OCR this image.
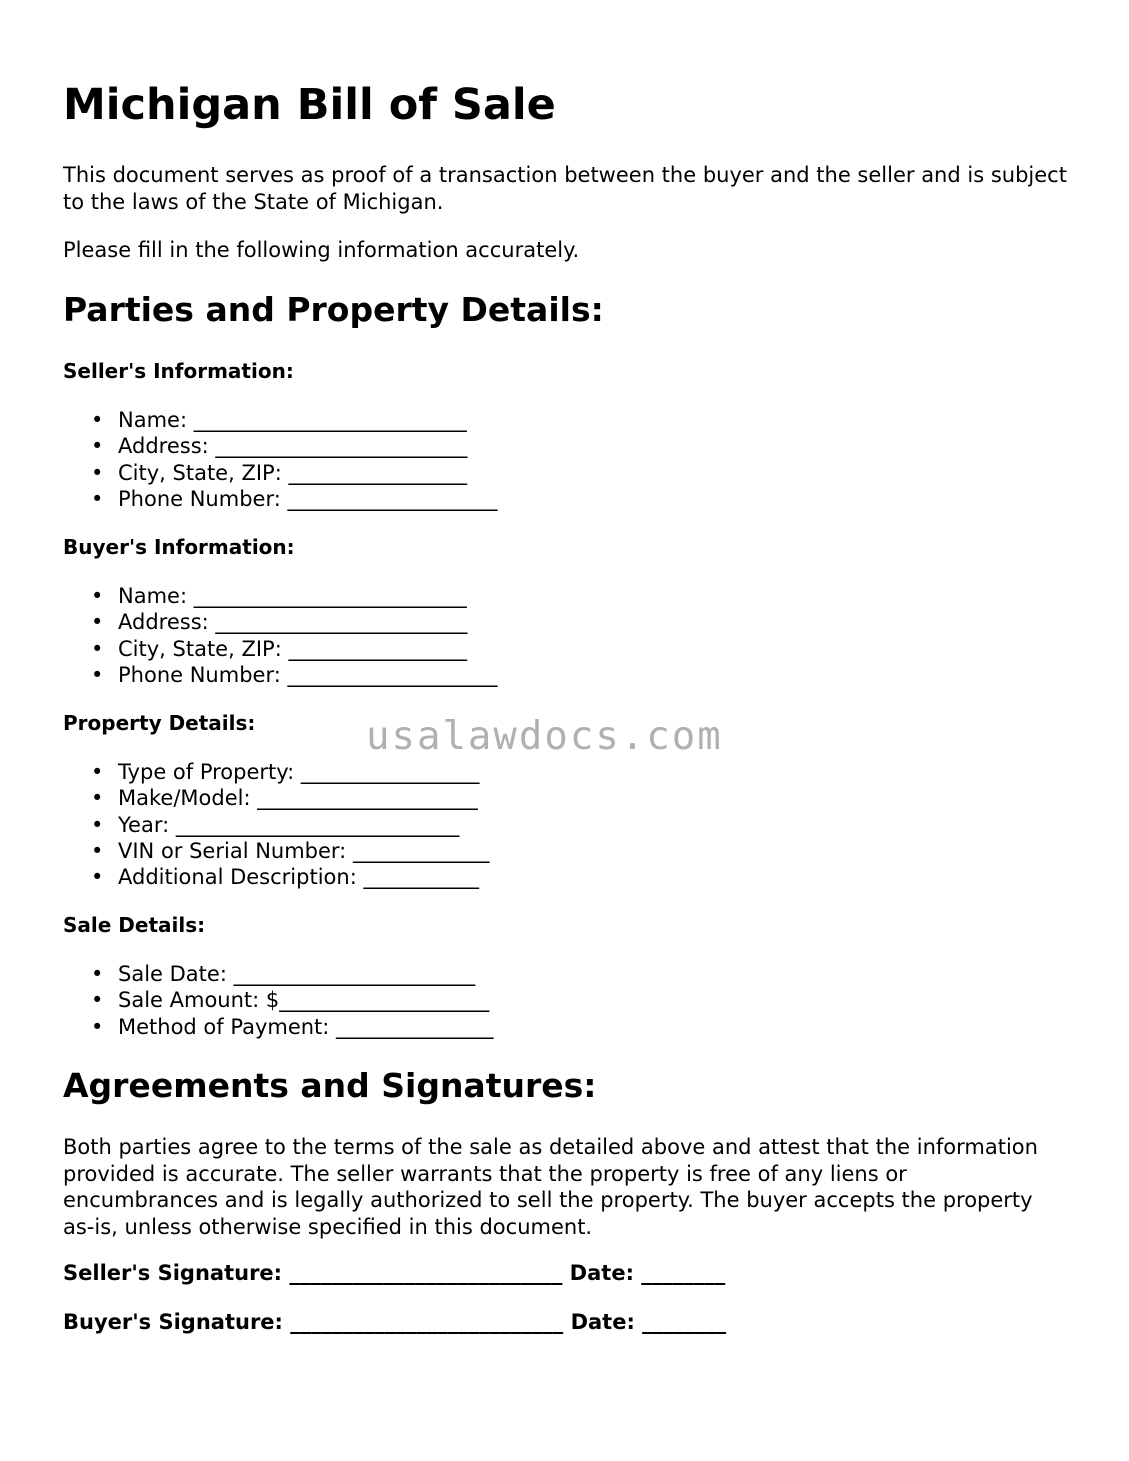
Michigan Bill of Sale

This document serves as proof of a transaction between the buyer and the seller and is subject to the laws of the State of Michigan.

Please fill in the following information accurately.

Parties and Property Details:
Seller's Information:
• Name: __________________________
• Address: ________________________
• City, State, ZIP: _________________
• Phone Number: ____________________
Buyer's Information:
• Name: __________________________
• Address: ________________________
• City, State, ZIP: _________________
• Phone Number: ____________________
Property Details:
• Type of Property: _________________
• Make/Model: _____________________
• Year: ___________________________
• VIN or Serial Number: _____________
• Additional Description: ___________
Sale Details:
• Sale Date: _______________________
• Sale Amount: $____________________
• Method of Payment: _______________
Agreements and Signatures:

Both parties agree to the terms of the sale as detailed above and attest that the information provided is accurate. The seller warrants that the property is free of any liens or encumbrances and is legally authorized to sell the property. The buyer accepts the property as-is, unless otherwise specified in this document.

Seller's Signature: __________________________ Date: ________
Buyer's Signature: __________________________ Date: ________
usalawdocs.com
